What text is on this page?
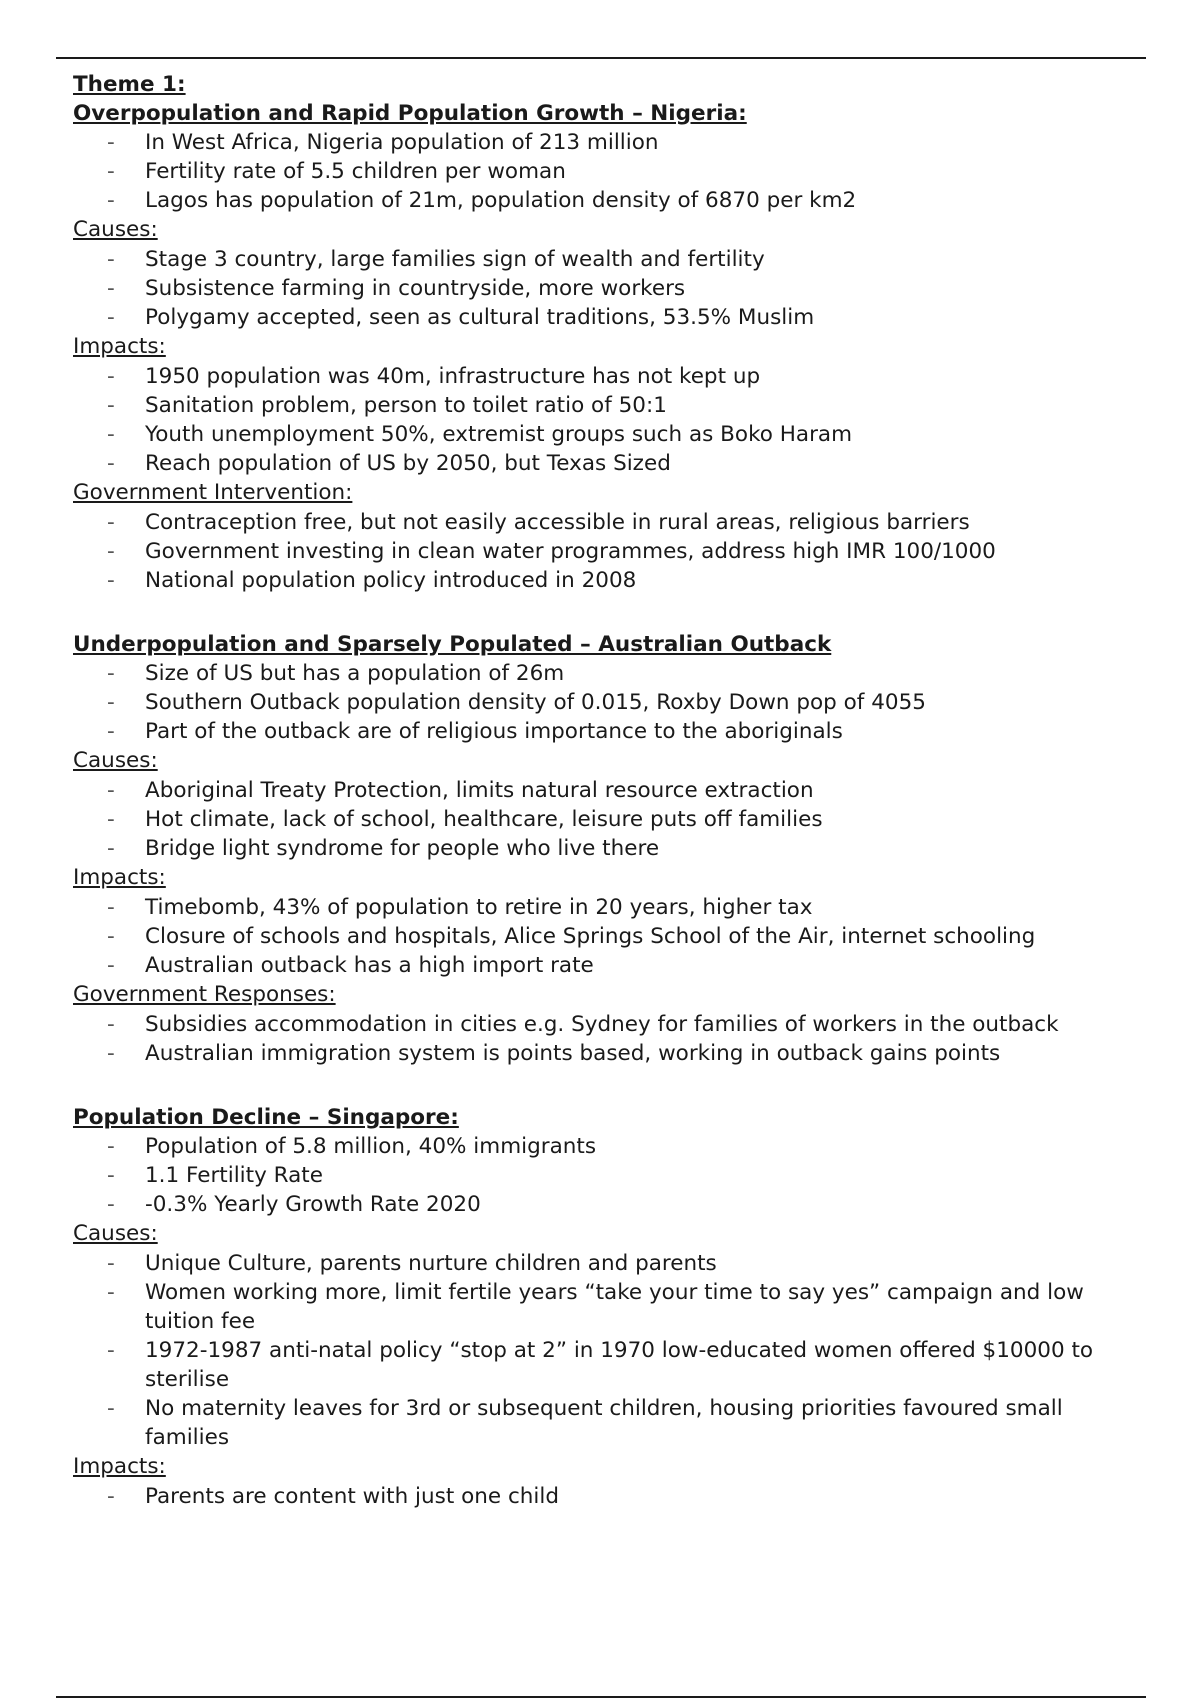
Theme 1:
Overpopulation and Rapid Population Growth – Nigeria:
- In West Africa, Nigeria population of 213 million
- Fertility rate of 5.5 children per woman
- Lagos has population of 21m, population density of 6870 per km2
Causes:
- Stage 3 country, large families sign of wealth and fertility
- Subsistence farming in countryside, more workers
- Polygamy accepted, seen as cultural traditions, 53.5% Muslim
Impacts:
- 1950 population was 40m, infrastructure has not kept up
- Sanitation problem, person to toilet ratio of 50:1
- Youth unemployment 50%, extremist groups such as Boko Haram
- Reach population of US by 2050, but Texas Sized
Government Intervention:
- Contraception free, but not easily accessible in rural areas, religious barriers
- Government investing in clean water programmes, address high IMR 100/1000
- National population policy introduced in 2008
Underpopulation and Sparsely Populated – Australian Outback
- Size of US but has a population of 26m
- Southern Outback population density of 0.015, Roxby Down pop of 4055
- Part of the outback are of religious importance to the aboriginals
Causes:
- Aboriginal Treaty Protection, limits natural resource extraction
- Hot climate, lack of school, healthcare, leisure puts off families
- Bridge light syndrome for people who live there
Impacts:
- Timebomb, 43% of population to retire in 20 years, higher tax
- Closure of schools and hospitals, Alice Springs School of the Air, internet schooling
- Australian outback has a high import rate
Government Responses:
- Subsidies accommodation in cities e.g. Sydney for families of workers in the outback
- Australian immigration system is points based, working in outback gains points
Population Decline – Singapore:
- Population of 5.8 million, 40% immigrants
- 1.1 Fertility Rate
- -0.3% Yearly Growth Rate 2020
Causes:
- Unique Culture, parents nurture children and parents
- Women working more, limit fertile years “take your time to say yes” campaign and low tuition fee
- 1972-1987 anti-natal policy “stop at 2” in 1970 low-educated women offered $10000 to sterilise
- No maternity leaves for 3rd or subsequent children, housing priorities favoured small families
Impacts:
- Parents are content with just one child
